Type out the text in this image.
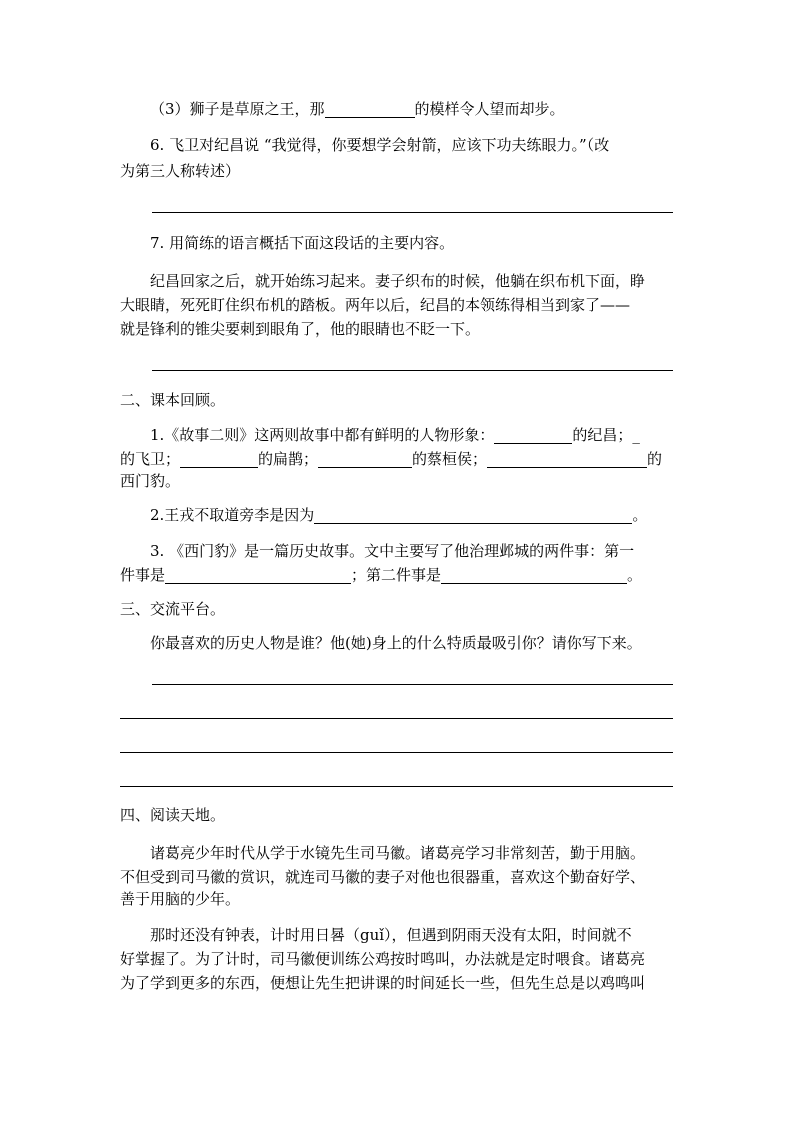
（3）狮子是草原之王，那	的模样令人望而却步。

6. 飞卫对纪昌说 “我觉得，你要想学会射箭，应该下功夫练眼力。”（改

为第三人称转述）

7. 用简练的语言概括下面这段话的主要内容。

纪昌回家之后，就开始练习起来。妻子织布的时候，他躺在织布机下面，睁

大眼睛，死死盯住织布机的踏板。两年以后，纪昌的本领练得相当到家了——

就是锋利的锥尖要刺到眼角了，他的眼睛也不眨一下。

二、课本回顾。

1.《故事二则》这两则故事中都有鲜明的人物形象：	的纪昌；_

的飞卫；	的扁鹊；	的蔡桓侯；	的

西门豹。

2.王戎不取道旁李是因为	。

3. 《西门豹》是一篇历史故事。文中主要写了他治理邺城的两件事：第一

件事是	；第二件事是	。

三、交流平台。

你最喜欢的历史人物是谁？他(她)身上的什么特质最吸引你？请你写下来。

四、阅读天地。

诸葛亮少年时代从学于水镜先生司马徽。诸葛亮学习非常刻苦，勤于用脑。

不但受到司马徽的赏识，就连司马徽的妻子对他也很器重，喜欢这个勤奋好学、

善于用脑的少年。

那时还没有钟表，计时用日晷（guǐ），但遇到阴雨天没有太阳，时间就不

好掌握了。为了计时，司马徽便训练公鸡按时鸣叫，办法就是定时喂食。诸葛亮

为了学到更多的东西，便想让先生把讲课的时间延长一些，但先生总是以鸡鸣叫
